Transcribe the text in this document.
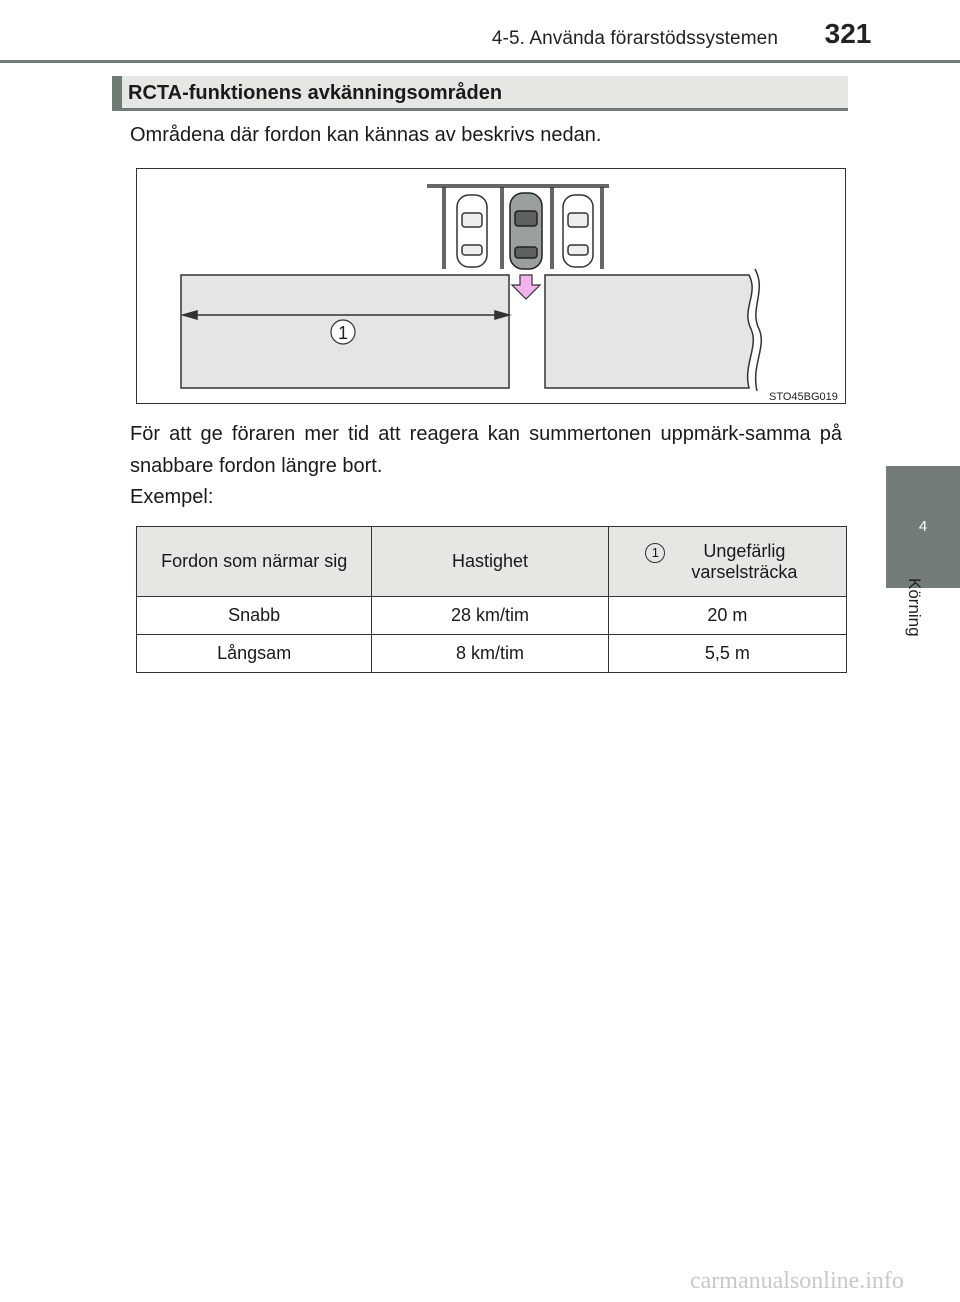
4-5. Använda förarstödssystemen	321
4
Körning
RCTA-funktionens avkänningsområden
Områdena där fordon kan kännas av beskrivs nedan.
1
STO45BG019

För att ge föraren mer tid att reagera kan summertonen uppmärk-samma på snabbare fordon längre bort.

Exempel:
Fordon som närmar sig	Hastighet	1 Ungefärlig varselsträcka

Snabb	28 km/tim	20 m
Långsam	8 km/tim	5,5 m
carmanualsonline.info
